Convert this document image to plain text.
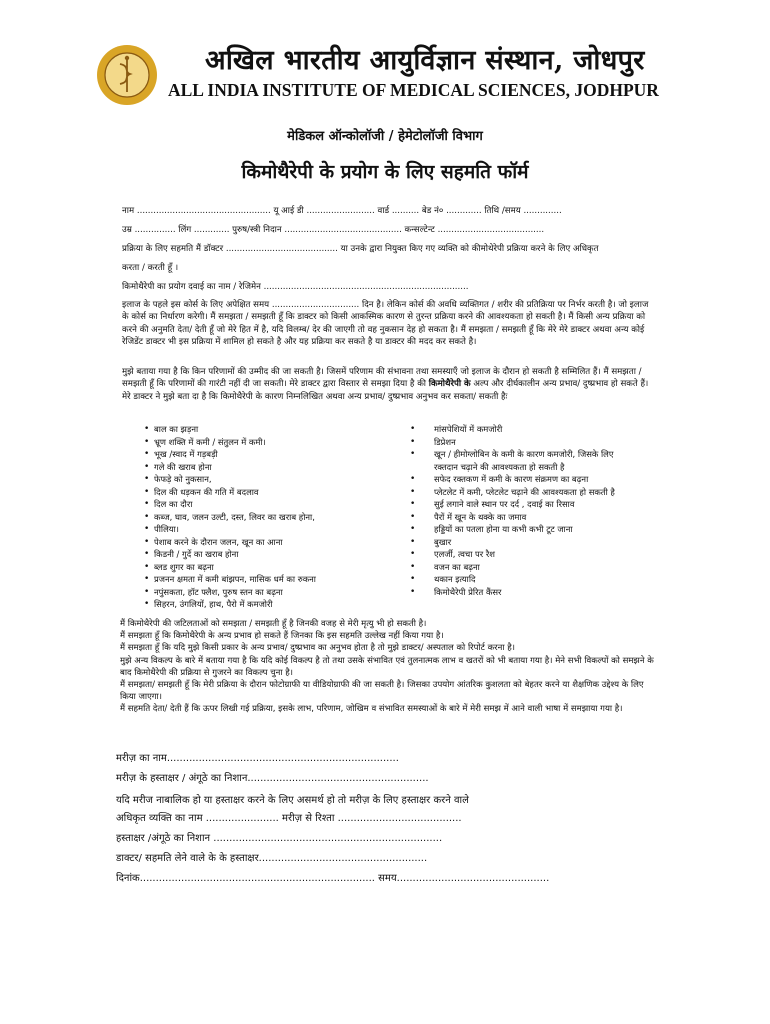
अखिल भारतीय आयुर्विज्ञान संस्थान, जोधपुर
ALL INDIA INSTITUTE OF MEDICAL SCIENCES, JODHPUR
मेडिकल ऑन्कोलॉजी / हेमेटोलॉजी विभाग
किमोथैरेपी के प्रयोग के लिए सहमति फॉर्म
नाम ................................................. यू आई डी ......................... वार्ड .......... बेड नं० ............. तिथि /समय ..............
उम्र ............... लिंग ............. पुरुष/स्त्री निदान ........................................... कन्सल्टेन्ट .......................................
प्रक्रिया के लिए सहमति मैं डॉक्टर ......................................... या उनके द्वारा नियुक्त किए गए व्यक्ति को कीमोथेरेपी प्रक्रिया करने के लिए अधिकृत
करता / करती हूँ ।
किमोथैरेपी का प्रयोग दवाई का नाम / रेजिमेन ...........................................................................
इलाज के पहले इस कोर्स के लिए अपेक्षित समय ................................ दिन है। लेकिन कोर्स की अवधि व्यक्तिगत / शरीर की प्रतिक्रिया पर निर्भर करती है। जो इलाज के कोर्स का निर्धारण करेगी। मैं समझता / समझती हूँ कि डाक्टर को किसी आकस्मिक कारण से तुरन्त प्रक्रिया करने की आवश्यकता हो सकती है। मैं किसी अन्य प्रक्रिया को करने की अनुमति देता/ देती हूँ जो मेरे हित में है, यदि विलम्ब/ देर की जाएगी तो वह नुकसान देह हो सकता है। मैं समझता / समझती हूँ कि मेरे मेरे डाक्टर अथवा अन्य कोई रेजिडेंट डाक्टर भी इस प्रक्रिया में शामिल हो सकते है और यह प्रक्रिया कर सकते है या डाक्टर की मदद कर सकते है।
मुझे बताया गया है कि किन परिणामों की उम्मीद की जा सकती है। जिसमें परिणाम की संभावना तथा समस्याएँ जो इलाज के दौरान हो सकती है सम्मिलित हैं। मैं समझता / समझती हूँ कि परिणामों की गारंटी नहीं दी जा सकती। मेरे डाक्टर द्वारा विस्तार से समझा दिया है की किमोथैरेपी के अल्प और दीर्घकालीन अन्य प्रभाव/ दुष्प्रभाव हो सकते हैं। मेरे डाक्टर ने मुझे बता दा है कि किमोथैरेपी के कारण निम्नलिखित अथवा अन्य प्रभाव/ दुष्प्रभाव अनुभव कर सकता/ सकती हैः
• बाल का झड़ना
• भ्रूण शक्ति में कमी / संतुलन में कमी।
• भूख /स्वाद में गड़बड़ी
• गले की खराब होना
• फेफड़े को नुकसान,
• दिल की धड़कन की गति में बदलाव
• दिल का दौरा
• कब्ज, घाव, जलन उल्टी, दस्त, लिवर का खराब होना,
• पीलिया।
• पेशाब करने के दौरान जलन, खून का आना
• किडनी / गुर्दे का खराब होना
• ब्लड शुगर का बढ़ना
• प्रजनन क्षमता में कमी बांझपन, मासिक धर्म का रुकना
• नपुंसकता, हॉट फ्लैश, पुरुष स्तन का बढ़ना
• सिहरन, उंगलियों, हाथ, पैरो में कमजोरी
• मांसपेशियों में कमजोरी
• डिप्रेशन
• खून / हीमोग्लोबिन के कमी के कारण कमजोरी, जिसके लिए रक्तदान चढ़ाने की आवश्यकता हो सकती है
• सफेद रक्तकण में कमी के कारण संक्रमण का बढ़ना
• प्लेटलेट में कमी, प्लेटलेट चढ़ाने की आवश्यकता हो सकती है
• सुई लगाने वाले स्थान पर दर्द , दवाई का रिसाव
• पैरों में खून के थक्के का जमाव
• हड्डियों का पतला होना या कभी कभी टूट जाना
• बुखार
• एलर्जी, त्वचा पर रैश
• वजन का बढ़ना
• थकान इत्यादि
• किमोथैरेपी प्रेरित कैंसर
मैं किमोथैरेपी की जटिलताओं को समझता / समझती हूँ है जिनकी वजह से मेरी मृत्यु भी हो सकती है।
मैं समझता हूँ कि किमोथैरेपी के अन्य प्रभाव हो सकते हैं जिनका कि इस सहमति उल्लेख नहीं किया गया है।
मैं समझता हूँ कि यदि मुझे किसी प्रकार के अन्य प्रभाव/ दुष्प्रभाव का अनुभव होता है तो मुझे डाक्टर/ अस्पताल को रिपोर्ट करना है।
मुझे अन्य विकल्प के बारे में बताया गया है कि यदि कोई विकल्प है तो तथा उसके संभावित एवं तुलनात्मक लाभ व खतरों को भी बताया गया है। मेने सभी विकल्पों को समझने के बाद किमोथैरेपी की प्रक्रिया से गुजरने का विकल्प चुना है।
मैं समझता/ समझती हूँ कि मेरी प्रक्रिया के दौरान फोटोग्राफी या वीडियोग्राफी की जा सकती है। जिसका उपयोग आंतरिक कुशलता को बेहतर करने या शैक्षणिक उद्देश्य के लिए किया जाएगा।
मैं सहमति देता/ देती हैं कि ऊपर लिखी गई प्रक्रिया, इसके लाभ, परिणाम, जोखिम व संभावित समस्याओं के बारे में मेरी समझ में आने वाली भाषा में समझाया गया है।
मरीज़ का नाम.........................................................................
मरीज़ के हस्ताक्षर / अंगूठे का निशान.........................................................
यदि मरीज नाबालिक हो या हस्ताक्षर करने के लिए असमर्थ हो तो मरीज़ के लिए हस्ताक्षर करने वाले
अधिकृत व्यक्ति का नाम ....................... मरीज़ से रिश्ता .......................................
हस्ताक्षर /अंगूठे का निशान ........................................................................
डाक्टर/ सहमति लेने वाले के के हस्ताक्षर.....................................................
दिनांक.......................................................................... समय................................................
